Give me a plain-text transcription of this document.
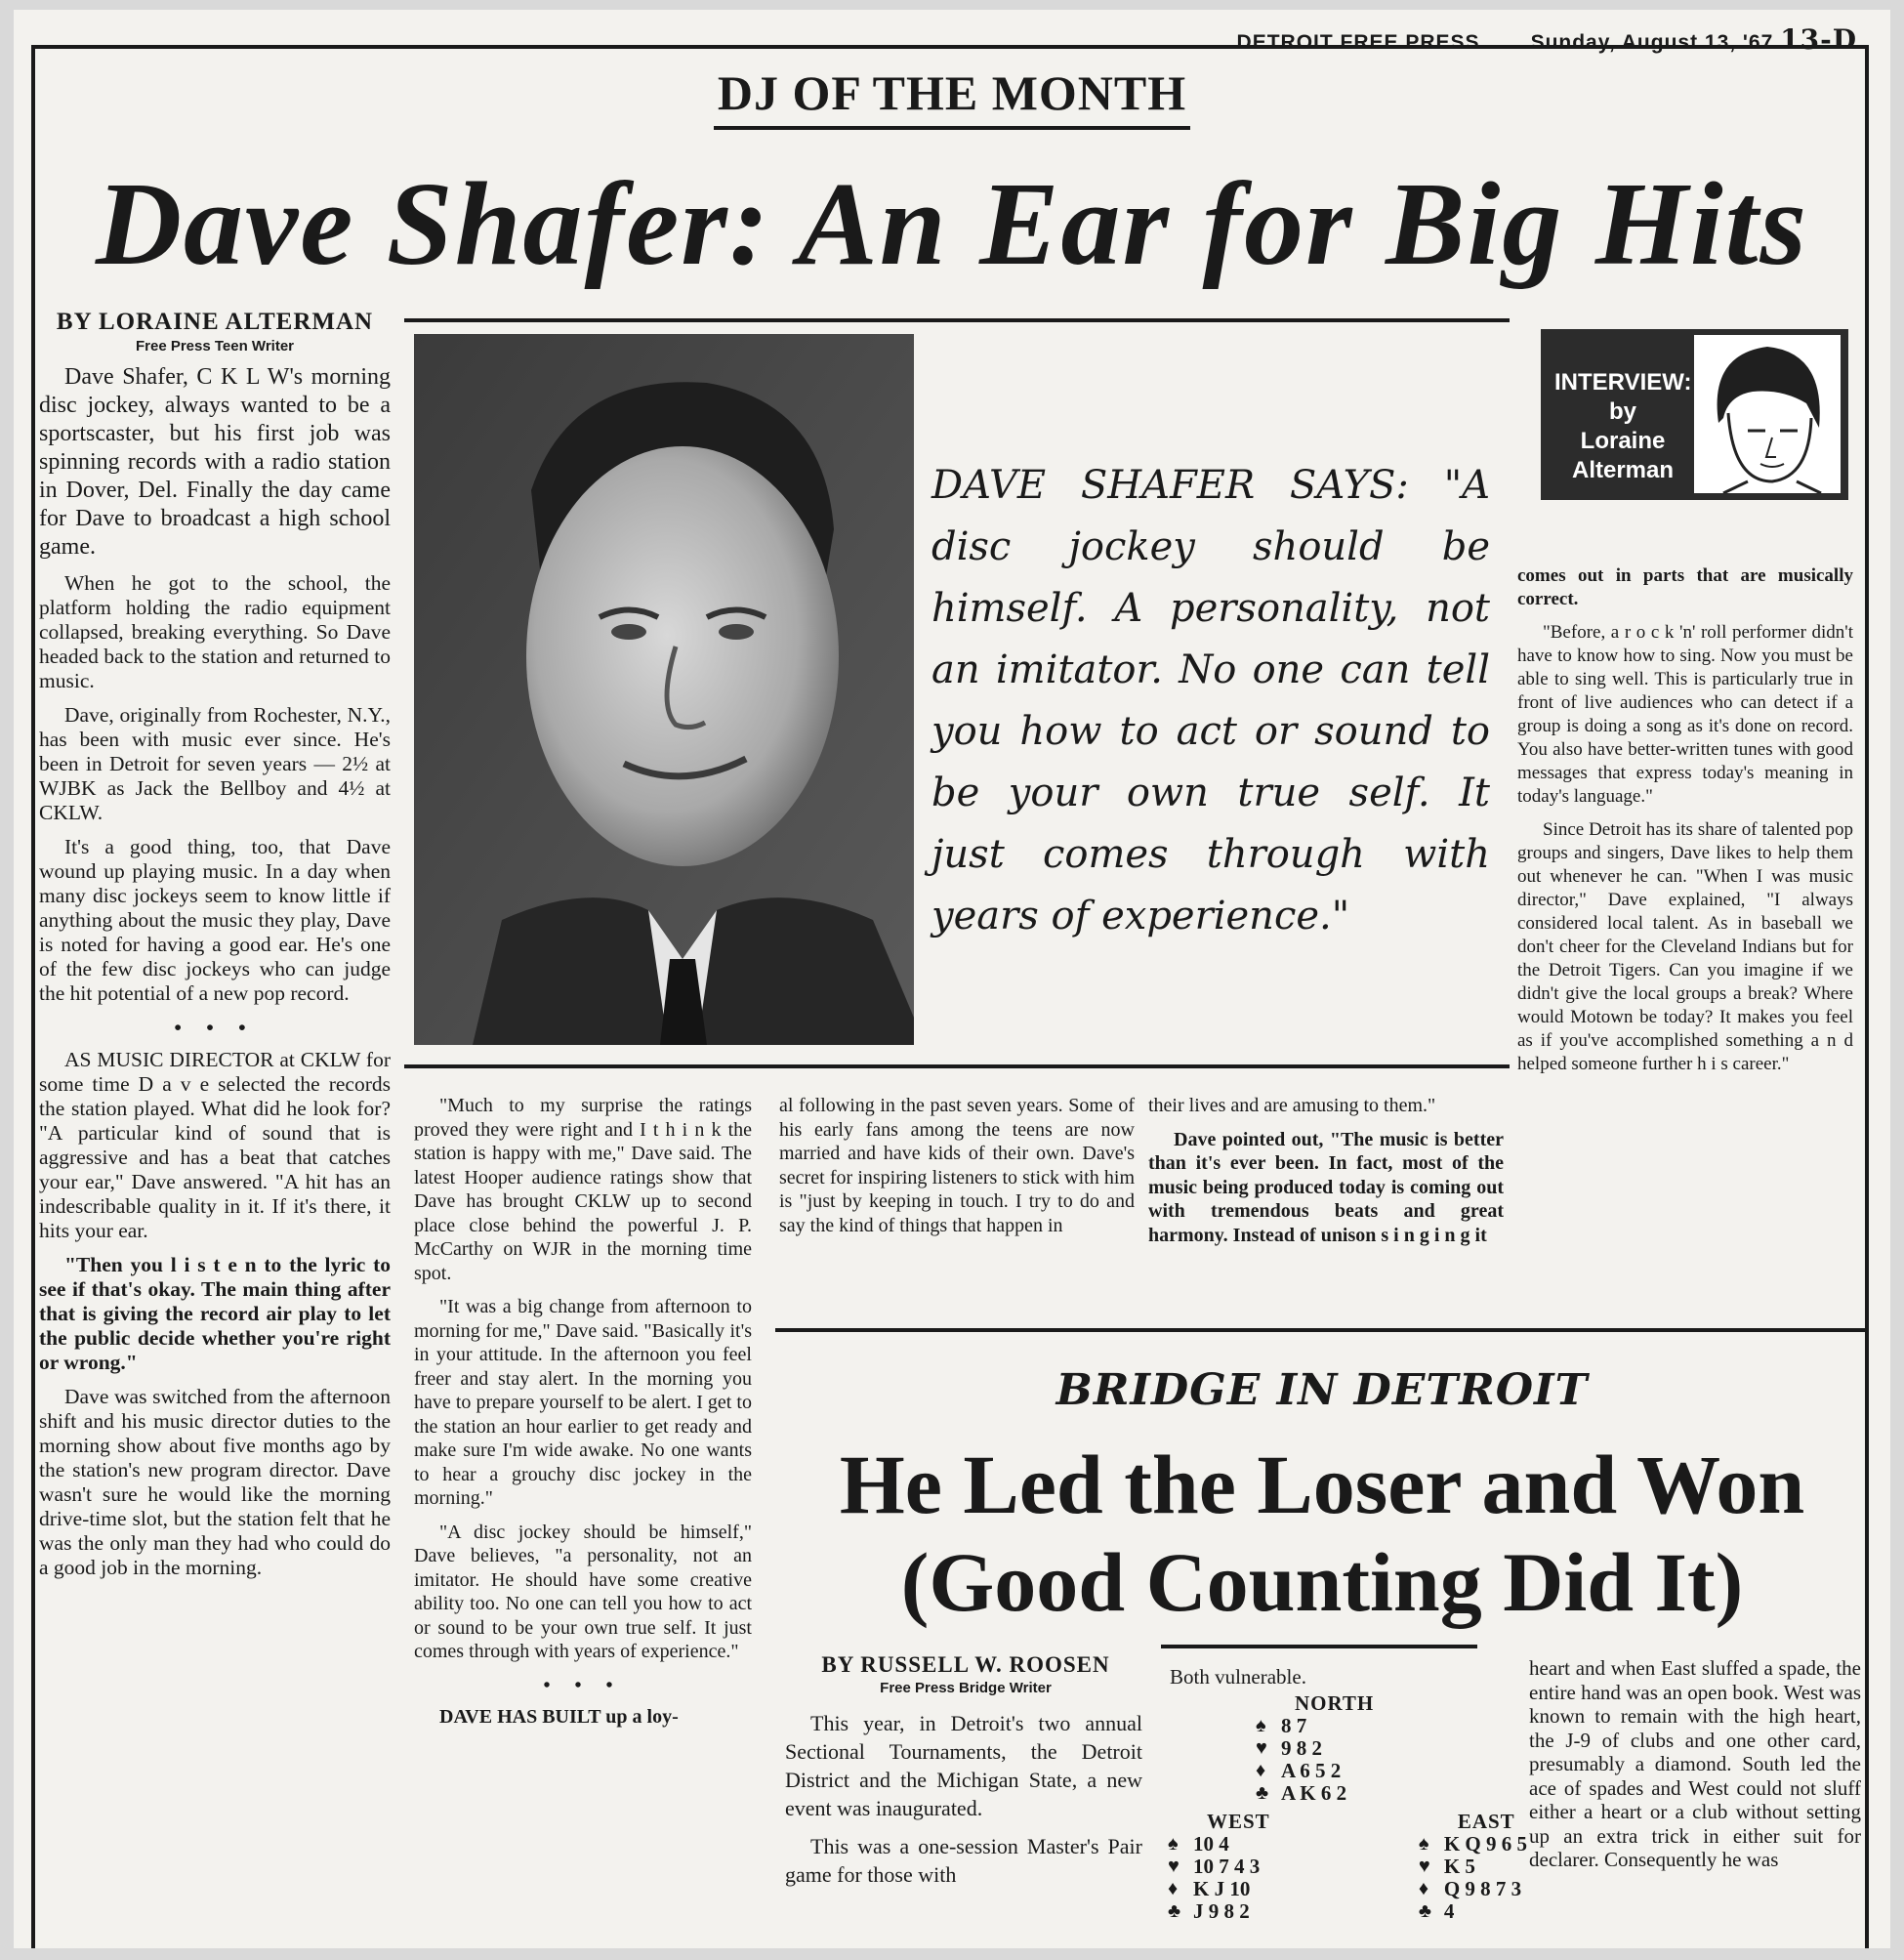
DETROIT FREE PRESS Sunday, August 13, '67 13-D
DJ OF THE MONTH
Dave Shafer: An Ear for Big Hits
BY LORAINE ALTERMAN
Free Press Teen Writer

Dave Shafer, C K L W's morning disc jockey, always wanted to be a sportscaster, but his first job was spinning records with a radio station in Dover, Del. Finally the day came for Dave to broadcast a high school game.

When he got to the school, the platform holding the radio equipment collapsed, breaking everything. So Dave headed back to the station and returned to music.

Dave, originally from Rochester, N.Y., has been with music ever since. He's been in Detroit for seven years — 2½ at WJBK as Jack the Bellboy and 4½ at CKLW.

It's a good thing, too, that Dave wound up playing music. In a day when many disc jockeys seem to know little if anything about the music they play, Dave is noted for having a good ear. He's one of the few disc jockeys who can judge the hit potential of a new pop record.

• • •

AS MUSIC DIRECTOR at CKLW for some time D a v e selected the records the station played. What did he look for? "A particular kind of sound that is aggressive and has a beat that catches your ear," Dave answered. "A hit has an indescribable quality in it. If it's there, it hits your ear.

"Then you l i s t e n to the lyric to see if that's okay. The main thing after that is giving the record air play to let the public decide whether you're right or wrong."

Dave was switched from the afternoon shift and his music director duties to the morning show about five months ago by the station's new program director. Dave wasn't sure he would like the morning drive-time slot, but the station felt that he was the only man they had who could do a good job in the morning.

DAVE SHAFER SAYS: "A disc jockey should be himself. A personality, not an imitator. No one can tell you how to act or sound to be your own true self. It just comes through with years of experience."
INTERVIEW:
by
Loraine
Alterman

comes out in parts that are musically correct.

"Before, a r o c k 'n' roll performer didn't have to know how to sing. Now you must be able to sing well. This is particularly true in front of live audiences who can detect if a group is doing a song as it's done on record. You also have better-written tunes with good messages that express today's meaning in today's language."

Since Detroit has its share of talented pop groups and singers, Dave likes to help them out whenever he can. "When I was music director," Dave explained, "I always considered local talent. As in baseball we don't cheer for the Cleveland Indians but for the Detroit Tigers. Can you imagine if we didn't give the local groups a break? Where would Motown be today? It makes you feel as if you've accomplished something a n d helped someone further h i s career."

"Much to my surprise the ratings proved they were right and I t h i n k the station is happy with me," Dave said. The latest Hooper audience ratings show that Dave has brought CKLW up to second place close behind the powerful J. P. McCarthy on WJR in the morning time spot.

"It was a big change from afternoon to morning for me," Dave said. "Basically it's in your attitude. In the afternoon you feel freer and stay alert. In the morning you have to prepare yourself to be alert. I get to the station an hour earlier to get ready and make sure I'm wide awake. No one wants to hear a grouchy disc jockey in the morning."

"A disc jockey should be himself," Dave believes, "a personality, not an imitator. He should have some creative ability too. No one can tell you how to act or sound to be your own true self. It just comes through with years of experience."

• • •

DAVE HAS BUILT up a loy-

al following in the past seven years. Some of his early fans among the teens are now married and have kids of their own. Dave's secret for inspiring listeners to stick with him is "just by keeping in touch. I try to do and say the kind of things that happen in

their lives and are amusing to them."

Dave pointed out, "The music is better than it's ever been. In fact, most of the music being produced today is coming out with tremendous beats and great harmony. Instead of unison s i n g i n g it

BRIDGE IN DETROIT
He Led the Loser and Won
(Good Counting Did It)
BY RUSSELL W. ROOSEN
Free Press Bridge Writer

This year, in Detroit's two annual Sectional Tournaments, the Detroit District and the Michigan State, a new event was inaugurated.

This was a one-session Master's Pair game for those with

Both vulnerable.
NORTH
♠ 8 7
♥ 9 8 2
♦ A 6 5 2
♣ A K 6 2
WEST
♠ 10 4
♥ 10 7 4 3
♦ K J 10
♣ J 9 8 2
EAST
♠ K Q 9 6 5
♥ K 5
♦ Q 9 8 7 3
♣ 4

heart and when East sluffed a spade, the entire hand was an open book. West was known to remain with the high heart, the J-9 of clubs and one other card, presumably a diamond. South led the ace of spades and West could not sluff either a heart or a club without setting up an extra trick in either suit for declarer. Consequently he was
